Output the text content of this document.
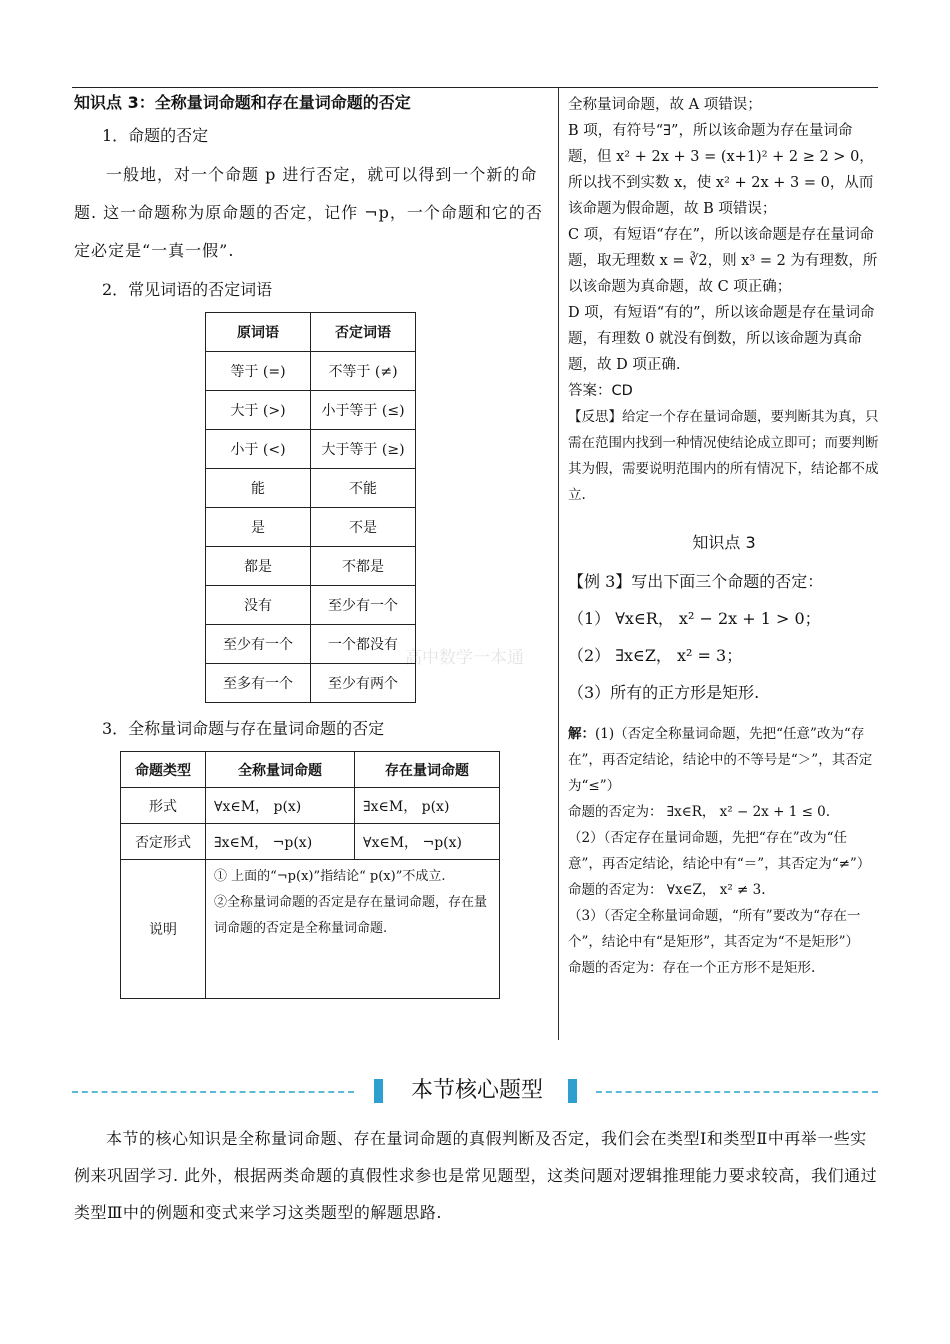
高中数学一本通
知识点 3：全称量词命题和存在量词命题的否定
1．命题的否定

一般地，对一个命题 p 进行否定，就可以得到一个新的命题. 这一命题称为原命题的否定，记作 ¬p，一个命题和它的否定必定是“一真一假”.

2．常见词语的否定词语
原词语	否定词语
等于 (=)	不等于 (≠)
大于 (>)	小于等于 (≤)
小于 (<)	大于等于 (≥)
能	不能
是	不是
都是	不都是
没有	至少有一个
至少有一个	一个都没有
至多有一个	至少有两个
3．全称量词命题与存在量词命题的否定
命题类型	全称量词命题	存在量词命题
形式	∀x∈M， p(x)	∃x∈M， p(x)
否定形式	∃x∈M， ¬p(x)	∀x∈M， ¬p(x)
说明	① 上面的“¬p(x)”指结论“ p(x)”不成立.
②全称量词命题的否定是存在量词命题，存在量词命题的否定是全称量词命题.	

全称量词命题，故 A 项错误；

B 项，有符号“∃”，所以该命题为存在量词命题，但 x² + 2x + 3 = (x+1)² + 2 ≥ 2 > 0，所以找不到实数 x，使 x² + 2x + 3 = 0，从而该命题为假命题，故 B 项错误；

C 项，有短语“存在”，所以该命题是存在量词命题，取无理数 x = ∛2，则 x³ = 2 为有理数，所以该命题为真命题，故 C 项正确；

D 项，有短语“有的”，所以该命题是存在量词命题，有理数 0 就没有倒数，所以该命题为真命题，故 D 项正确.

答案：CD

【反思】给定一个存在量词命题，要判断其为真，只需在范围内找到一种情况使结论成立即可；而要判断其为假，需要说明范围内的所有情况下，结论都不成立.

知识点 3

【例 3】写出下面三个命题的否定：

（1） ∀x∈R， x² − 2x + 1 > 0；

（2） ∃x∈Z， x² = 3；

（3）所有的正方形是矩形.

解：(1)（否定全称量词命题，先把“任意”改为“存在”，再否定结论，结论中的不等号是“＞”，其否定为“≤”）

命题的否定为： ∃x∈R， x² − 2x + 1 ≤ 0.

（2）（否定存在量词命题，先把“存在”改为“任意”，再否定结论，结论中有“＝”，其否定为“≠”）

命题的否定为： ∀x∈Z， x² ≠ 3.

（3）（否定全称量词命题，“所有”要改为“存在一个”，结论中有“是矩形”，其否定为“不是矩形”）

命题的否定为：存在一个正方形不是矩形.

本节核心题型

本节的核心知识是全称量词命题、存在量词命题的真假判断及否定，我们会在类型Ⅰ和类型Ⅱ中再举一些实例来巩固学习. 此外，根据两类命题的真假性求参也是常见题型，这类问题对逻辑推理能力要求较高，我们通过类型Ⅲ中的例题和变式来学习这类题型的解题思路.
